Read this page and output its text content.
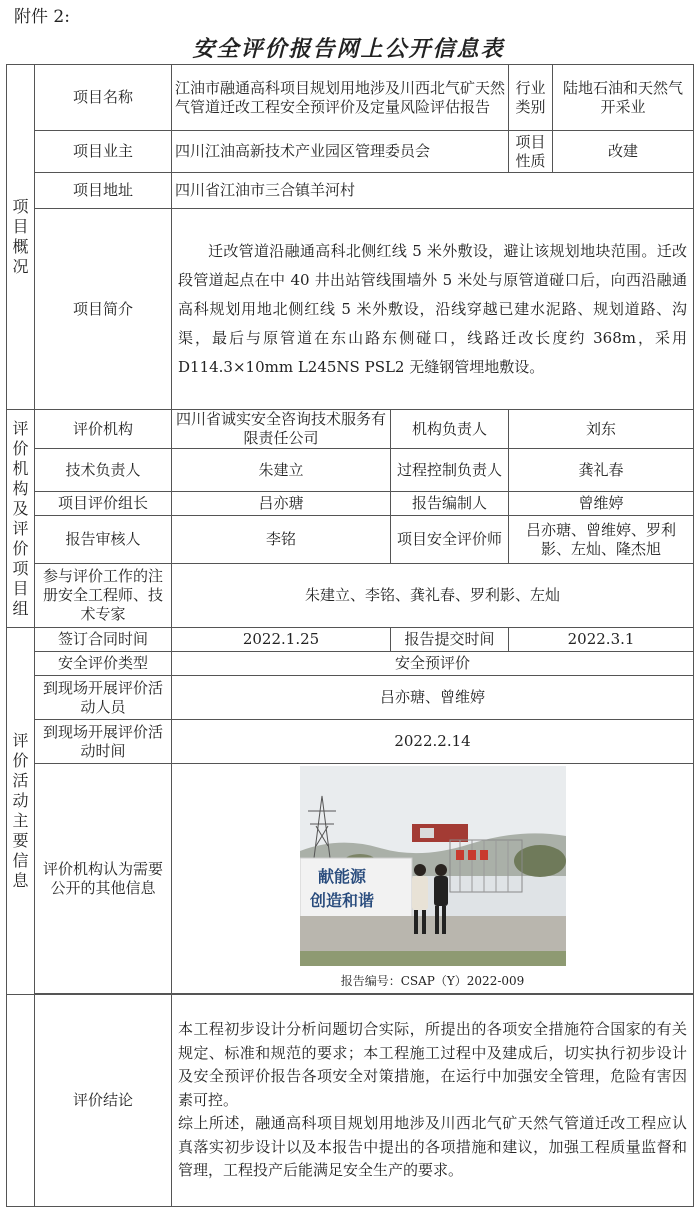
附件 2:
安全评价报告网上公开信息表
项目概况	项目名称	江油市融通高科项目规划用地涉及川西北气矿天然气管道迁改工程安全预评价及定量风险评估报告		行业类别	陆地石油和天然气开采业
	项目业主	四川江油高新技术产业园区管理委员会		项目性质	改建
	项目地址	四川省江油市三合镇羊河村			
	项目简介	迁改管道沿融通高科北侧红线 5 米外敷设，避让该规划地块范围。迁改段管道起点在中 40 井出站管线围墙外 5 米处与原管道碰口后，向西沿融通高科规划用地北侧红线 5 米外敷设，沿线穿越已建水泥路、规划道路、沟渠，最后与原管道在东山路东侧碰口，线路迁改长度约 368m，采用 D114.3×10mm L245NS PSL2 无缝钢管埋地敷设。			

评价机构及评价项目组	评价机构	四川省诚实安全咨询技术服务有限责任公司	机构负责人	刘东	
	技术负责人	朱建立	过程控制负责人	龚礼春	
	项目评价组长	吕亦瑭	报告编制人	曾维婷	
	报告审核人	李铭	项目安全评价师	吕亦瑭、曾维婷、罗利影、左灿、隆杰旭	
	参与评价工作的注册安全工程师、技术专家	朱建立、李铭、龚礼春、罗利影、左灿			

评价活动主要信息	签订合同时间	2022.1.25	报告提交时间	2022.3.1	
	安全评价类型	安全预评价			
	到现场开展评价活动人员	吕亦瑭、曾维婷			
	到现场开展评价活动时间	2022.2.14			
	评价机构认为需要公开的其他信息	献能源
创造和谐
报告编号：CSAP（Y）2022-009			

	评价结论	本工程初步设计分析问题切合实际，所提出的各项安全措施符合国家的有关规定、标准和规范的要求；本工程施工过程中及建成后，切实执行初步设计及安全预评价报告各项安全对策措施，在运行中加强安全管理，危险有害因素可控。
综上所述，融通高科项目规划用地涉及川西北气矿天然气管道迁改工程应认真落实初步设计以及本报告中提出的各项措施和建议，加强工程质量监督和管理，工程投产后能满足安全生产的要求。			
